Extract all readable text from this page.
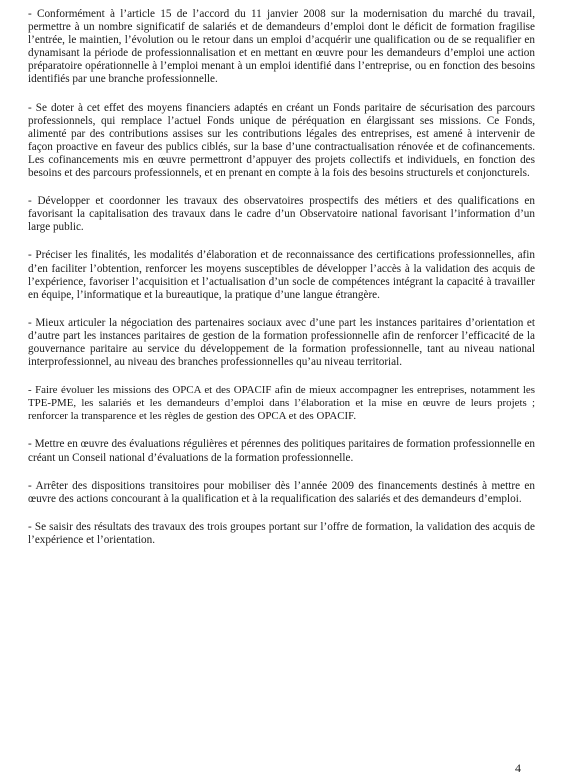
- Conformément à l’article 15 de l’accord du 11 janvier 2008 sur la modernisation du marché du travail, permettre à un nombre significatif de salariés et de demandeurs d’emploi dont le déficit de formation fragilise l’entrée, le maintien, l’évolution ou le retour dans un emploi d’acquérir une qualification ou de se requalifier en dynamisant la période de professionnalisation et en mettant en œuvre pour les demandeurs d’emploi une action préparatoire opérationnelle à l’emploi menant à un emploi identifié dans l’entreprise, ou en fonction des besoins identifiés par une branche professionnelle.

- Se doter à cet effet des moyens financiers adaptés en créant un Fonds paritaire de sécurisation des parcours professionnels, qui remplace l’actuel Fonds unique de péréquation en élargissant ses missions. Ce Fonds, alimenté par des contributions assises sur les contributions légales des entreprises, est amené à intervenir de façon proactive en faveur des publics ciblés, sur la base d’une contractualisation rénovée et de cofinancements. Les cofinancements mis en œuvre permettront d’appuyer des projets collectifs et individuels, en fonction des besoins et des parcours professionnels, et en prenant en compte à la fois des besoins structurels et conjoncturels.

- Développer et coordonner les travaux des observatoires prospectifs des métiers et des qualifications en favorisant la capitalisation des travaux dans le cadre d’un Observatoire national favorisant l’information d’un large public.

- Préciser les finalités, les modalités d’élaboration et de reconnaissance des certifications professionnelles, afin d’en faciliter l’obtention, renforcer les moyens susceptibles de développer l’accès à la validation des acquis de l’expérience, favoriser l’acquisition et l’actualisation d’un socle de compétences intégrant la capacité à travailler en équipe, l’informatique et la bureautique, la pratique d’une langue étrangère.

- Mieux articuler la négociation des partenaires sociaux avec d’une part les instances paritaires d’orientation et d’autre part les instances paritaires de gestion de la formation professionnelle afin de renforcer l’efficacité de la gouvernance paritaire au service du développement de la formation professionnelle, tant au niveau national interprofessionnel, au niveau des branches professionnelles qu’au niveau territorial.

- Faire évoluer les missions des OPCA et des OPACIF afin de mieux accompagner les entreprises, notamment les TPE-PME, les salariés et les demandeurs d’emploi dans l’élaboration et la mise en œuvre de leurs projets ; renforcer la transparence et les règles de gestion des OPCA et des OPACIF.

- Mettre en œuvre des évaluations régulières et pérennes des politiques paritaires de formation professionnelle en créant un Conseil national d’évaluations de la formation professionnelle.

- Arrêter des dispositions transitoires pour mobiliser dès l’année 2009 des financements destinés à mettre en œuvre des actions concourant à la qualification et à la requalification des salariés et des demandeurs d’emploi.

- Se saisir des résultats des travaux des trois groupes portant sur l’offre de formation, la validation des acquis de l’expérience et l’orientation.

4
